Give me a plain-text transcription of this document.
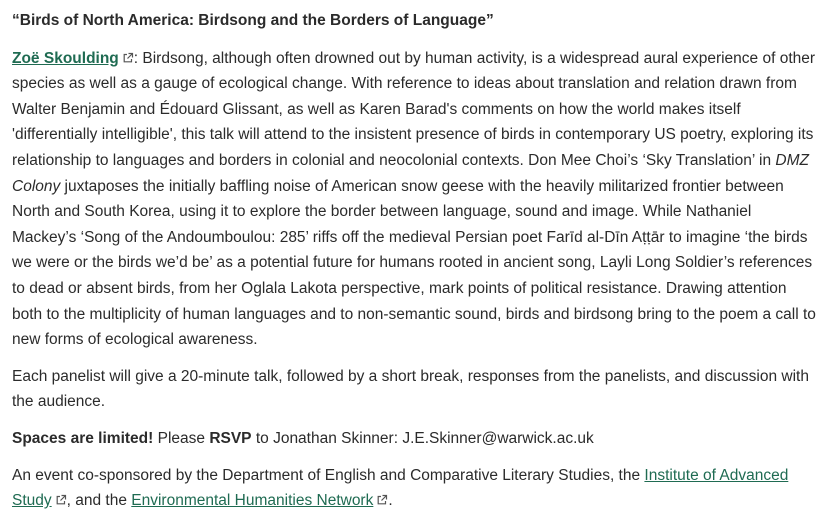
“Birds of North America: Birdsong and the Borders of Language”

Zoë Skoulding : Birdsong, although often drowned out by human activity, is a widespread aural experience of other species as well as a gauge of ecological change. With reference to ideas about translation and relation drawn from Walter Benjamin and Édouard Glissant, as well as Karen Barad's comments on how the world makes itself 'differentially intelligible', this talk will attend to the insistent presence of birds in contemporary US poetry, exploring its relationship to languages and borders in colonial and neocolonial contexts. Don Mee Choi’s ‘Sky Translation’ in DMZ Colony juxtaposes the initially baffling noise of American snow geese with the heavily militarized frontier between North and South Korea, using it to explore the border between language, sound and image. While Nathaniel Mackey’s ‘Song of the Andoumboulou: 285’ riffs off the medieval Persian poet Farīd al-Dīn Aṭṭār to imagine ‘the birds we were or the birds we’d be’ as a potential future for humans rooted in ancient song, Layli Long Soldier’s references to dead or absent birds, from her Oglala Lakota perspective, mark points of political resistance. Drawing attention both to the multiplicity of human languages and to non-semantic sound, birds and birdsong bring to the poem a call to new forms of ecological awareness.

Each panelist will give a 20-minute talk, followed by a short break, responses from the panelists, and discussion with the audience.

Spaces are limited! Please RSVP to Jonathan Skinner: J.E.Skinner@warwick.ac.uk

An event co-sponsored by the Department of English and Comparative Literary Studies, the Institute of Advanced Study , and the Environmental Humanities Network .
